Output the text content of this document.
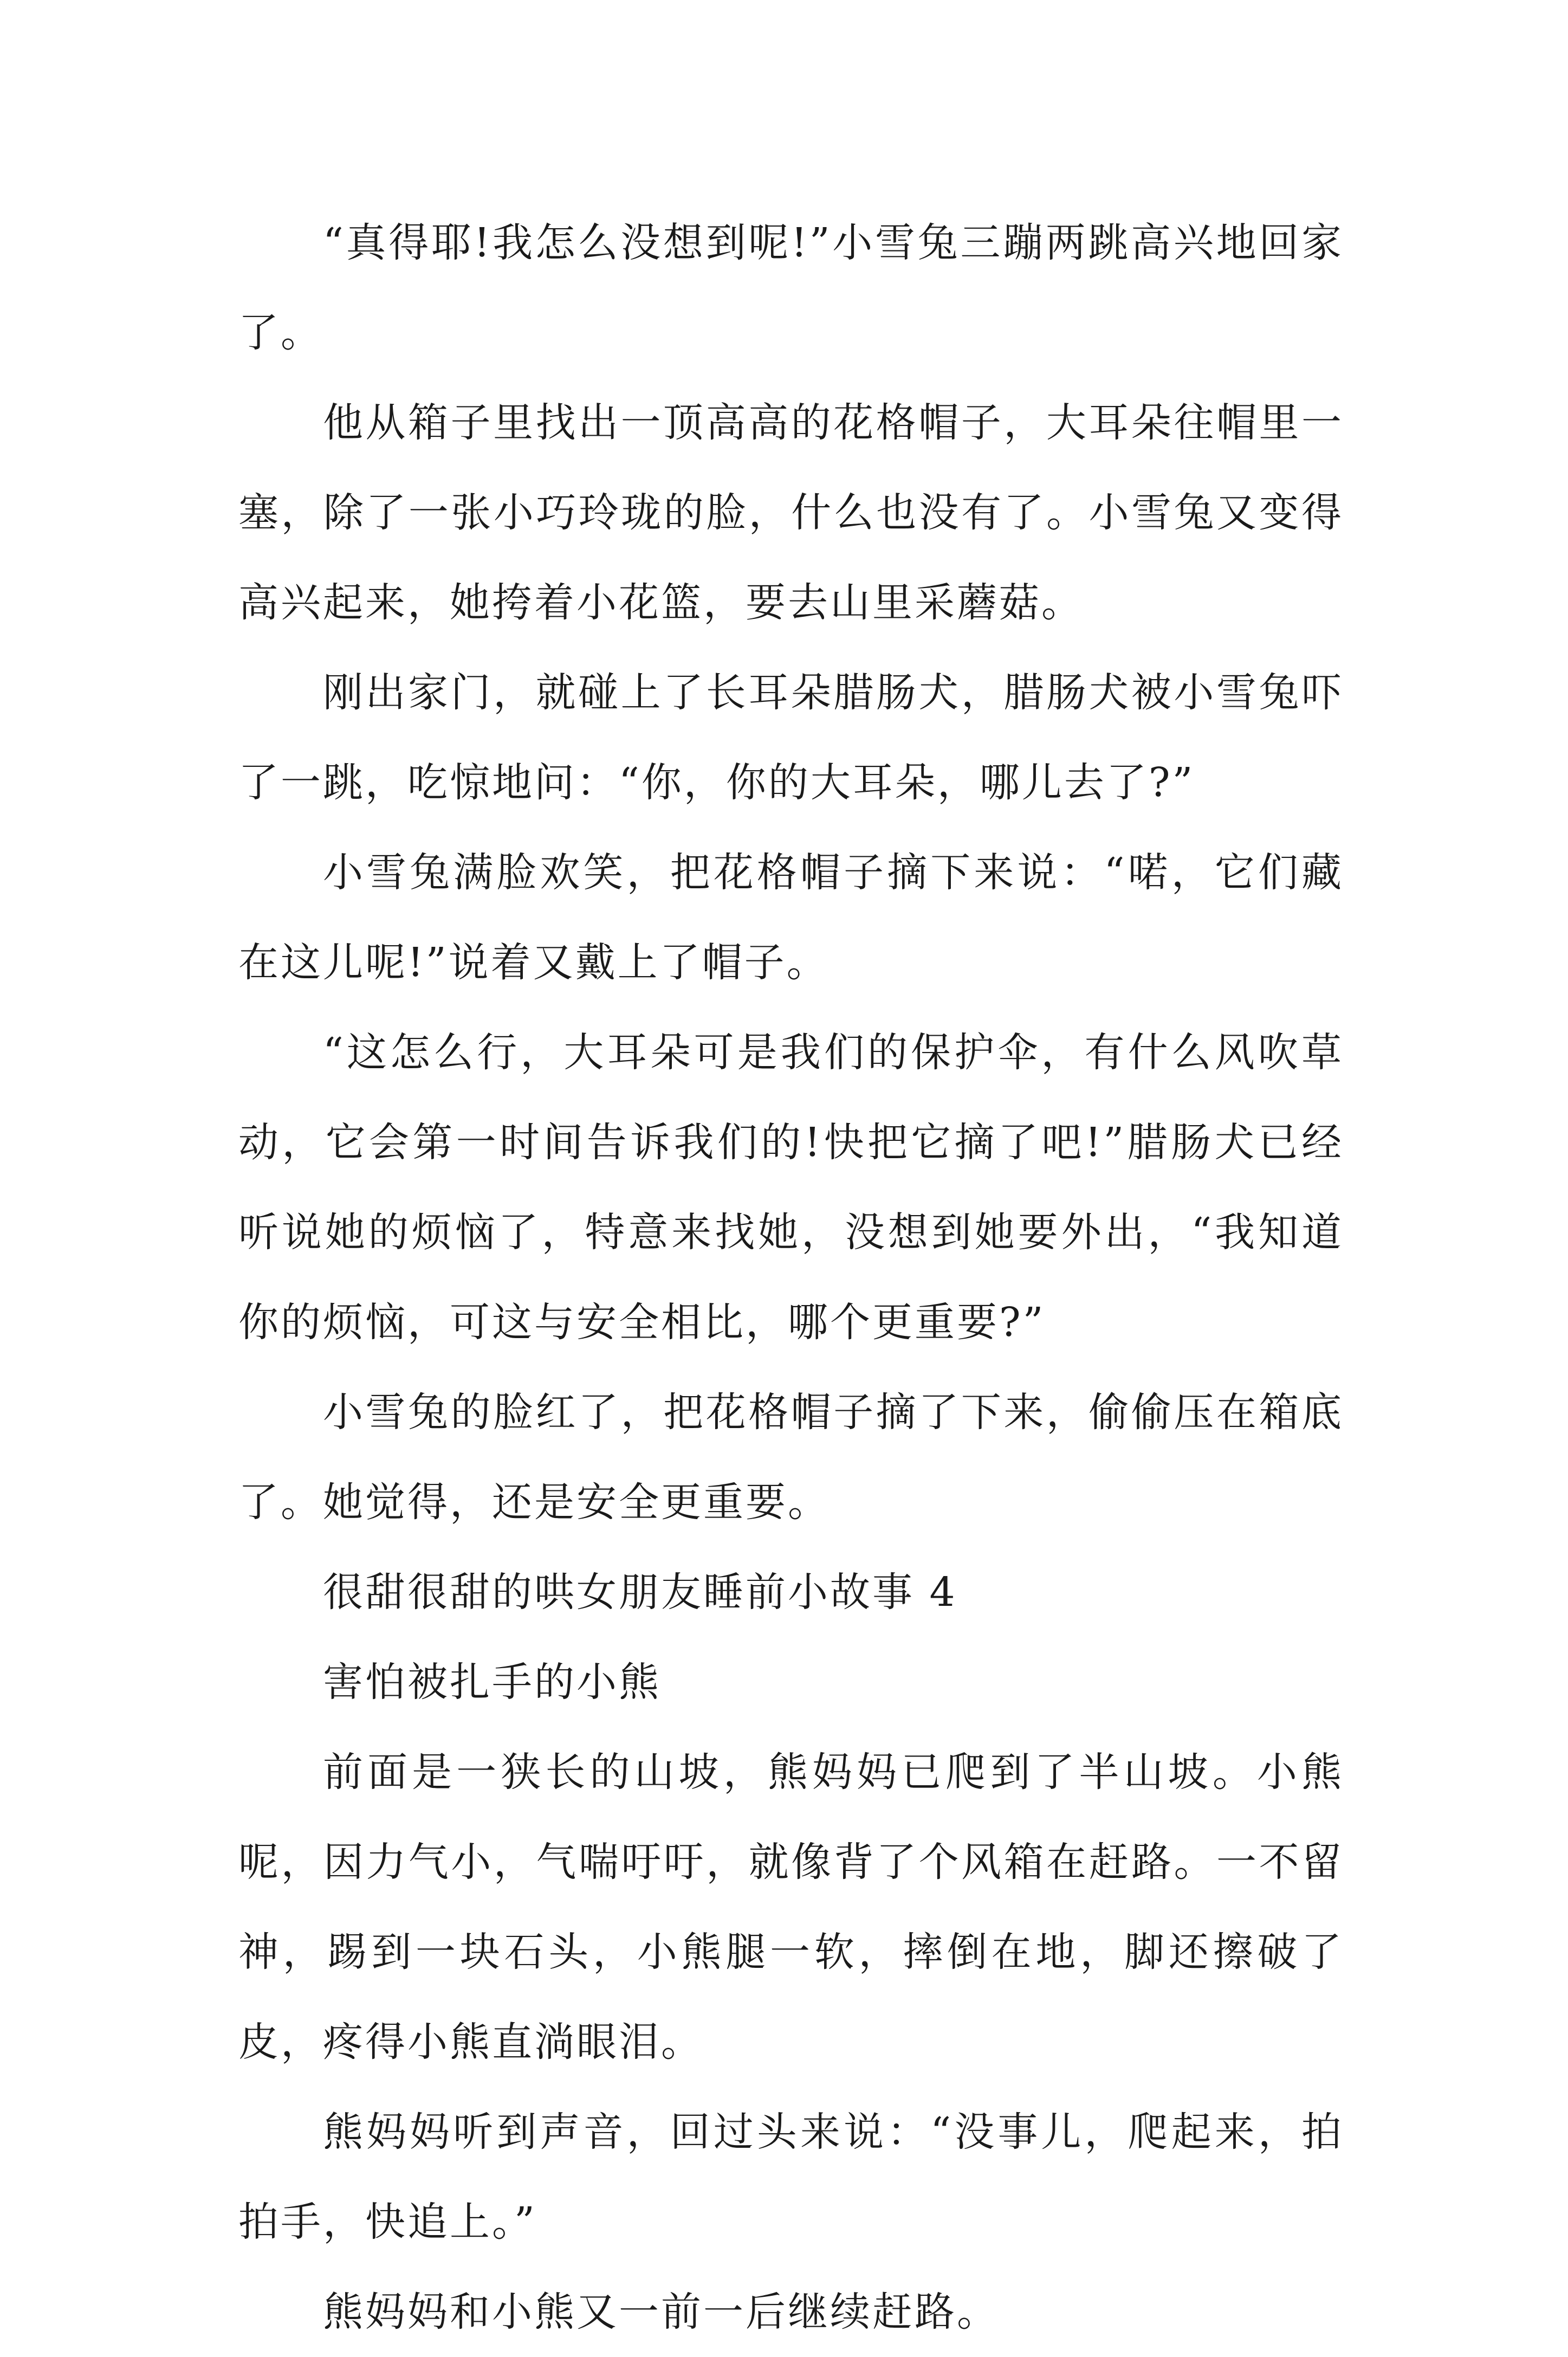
“真得耶!我怎么没想到呢!”小雪兔三蹦两跳高兴地回家了。

他从箱子里找出一顶高高的花格帽子，大耳朵往帽里一塞，除了一张小巧玲珑的脸，什么也没有了。小雪兔又变得高兴起来，她挎着小花篮，要去山里采蘑菇。

刚出家门，就碰上了长耳朵腊肠犬，腊肠犬被小雪兔吓了一跳，吃惊地问：“你，你的大耳朵，哪儿去了?”

小雪兔满脸欢笑，把花格帽子摘下来说：“喏，它们藏在这儿呢!”说着又戴上了帽子。

“这怎么行，大耳朵可是我们的保护伞，有什么风吹草动，它会第一时间告诉我们的!快把它摘了吧!”腊肠犬已经听说她的烦恼了，特意来找她，没想到她要外出，“我知道你的烦恼，可这与安全相比，哪个更重要?”

小雪兔的脸红了，把花格帽子摘了下来，偷偷压在箱底了。她觉得，还是安全更重要。

很甜很甜的哄女朋友睡前小故事 4

害怕被扎手的小熊

前面是一狭长的山坡，熊妈妈已爬到了半山坡。小熊呢，因力气小，气喘吁吁，就像背了个风箱在赶路。一不留神，踢到一块石头，小熊腿一软，摔倒在地，脚还擦破了皮，疼得小熊直淌眼泪。

熊妈妈听到声音，回过头来说：“没事儿，爬起来，拍拍手，快追上。”

熊妈妈和小熊又一前一后继续赶路。
